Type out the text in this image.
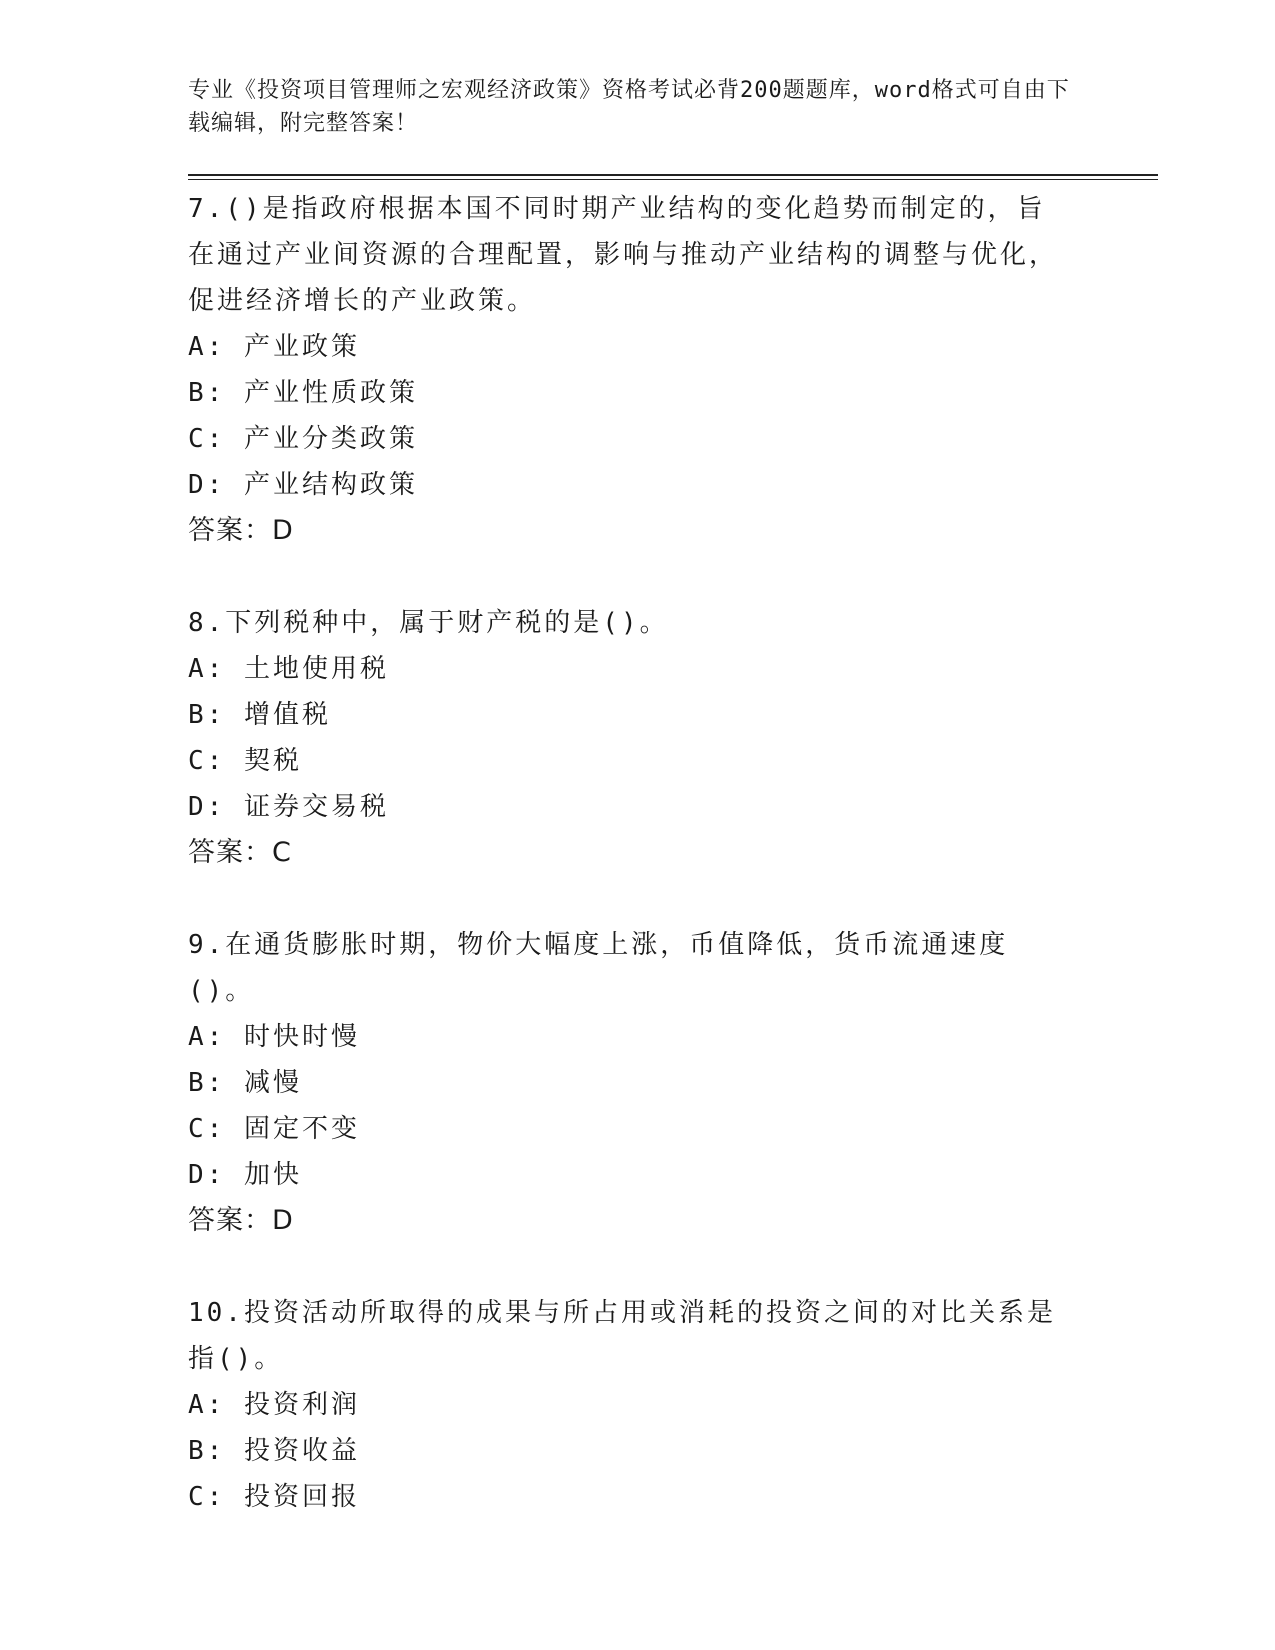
专业《投资项目管理师之宏观经济政策》资格考试必背200题题库，word格式可自由下载编辑，附完整答案！

7.()是指政府根据本国不同时期产业结构的变化趋势而制定的，旨在通过产业间资源的合理配置，影响与推动产业结构的调整与优化，促进经济增长的产业政策。

A: 产业政策

B: 产业性质政策

C: 产业分类政策

D: 产业结构政策

答案：D

8.下列税种中，属于财产税的是()。

A: 土地使用税

B: 增值税

C: 契税

D: 证券交易税

答案：C

9.在通货膨胀时期，物价大幅度上涨，币值降低，货币流通速度()。

A: 时快时慢

B: 减慢

C: 固定不变

D: 加快

答案：D

10.投资活动所取得的成果与所占用或消耗的投资之间的对比关系是指()。

A: 投资利润

B: 投资收益

C: 投资回报
